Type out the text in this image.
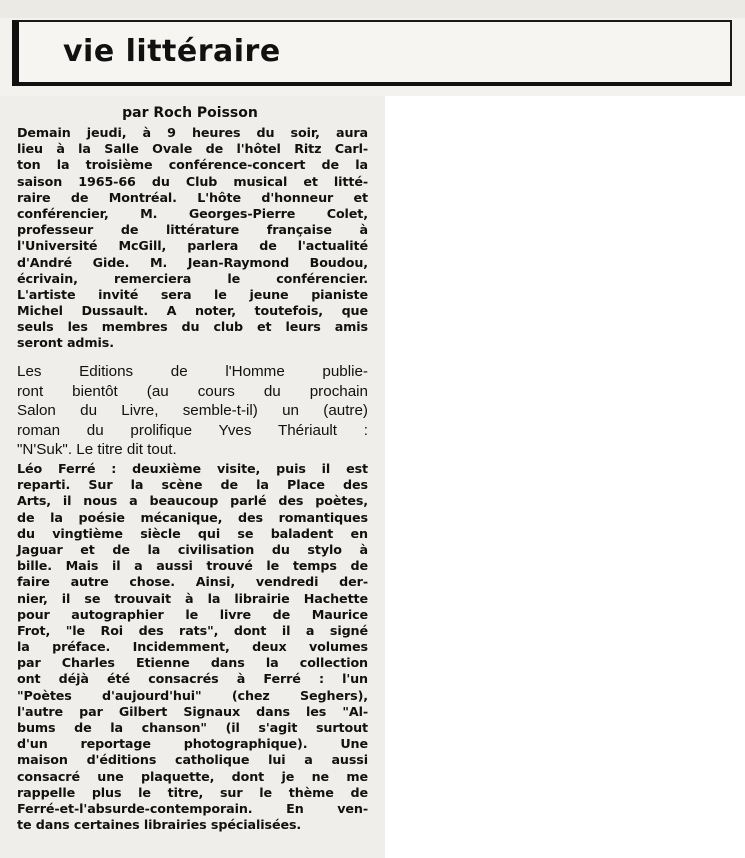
vie littéraire
par Roch Poisson
Demain jeudi, à 9 heures du soir, aura
lieu à la Salle Ovale de l'hôtel Ritz Carl-
ton la troisième conférence-concert de la
saison 1965-66 du Club musical et litté-
raire de Montréal. L'hôte d'honneur et
conférencier, M. Georges-Pierre Colet,
professeur de littérature française à
l'Université McGill, parlera de l'actualité
d'André Gide. M. Jean-Raymond Boudou,
écrivain, remerciera le conférencier.
L'artiste invité sera le jeune pianiste
Michel Dussault. A noter, toutefois, que
seuls les membres du club et leurs amis
seront admis.
Les Editions de l'Homme publie-
ront bientôt (au cours du prochain
Salon du Livre, semble-t-il) un (autre)
roman du prolifique Yves Thériault :
"N'Suk". Le titre dit tout.
Léo Ferré : deuxième visite, puis il est
reparti. Sur la scène de la Place des
Arts, il nous a beaucoup parlé des poètes,
de la poésie mécanique, des romantiques
du vingtième siècle qui se baladent en
Jaguar et de la civilisation du stylo à
bille. Mais il a aussi trouvé le temps de
faire autre chose. Ainsi, vendredi der-
nier, il se trouvait à la librairie Hachette
pour autographier le livre de Maurice
Frot, "le Roi des rats", dont il a signé
la préface. Incidemment, deux volumes
par Charles Etienne dans la collection
ont déjà été consacrés à Ferré : l'un
"Poètes d'aujourd'hui" (chez Seghers),
l'autre par Gilbert Signaux dans les "Al-
bums de la chanson" (il s'agit surtout
d'un reportage photographique). Une
maison d'éditions catholique lui a aussi
consacré une plaquette, dont je ne me
rappelle plus le titre, sur le thème de
Ferré-et-l'absurde-contemporain. En ven-
te dans certaines librairies spécialisées.
